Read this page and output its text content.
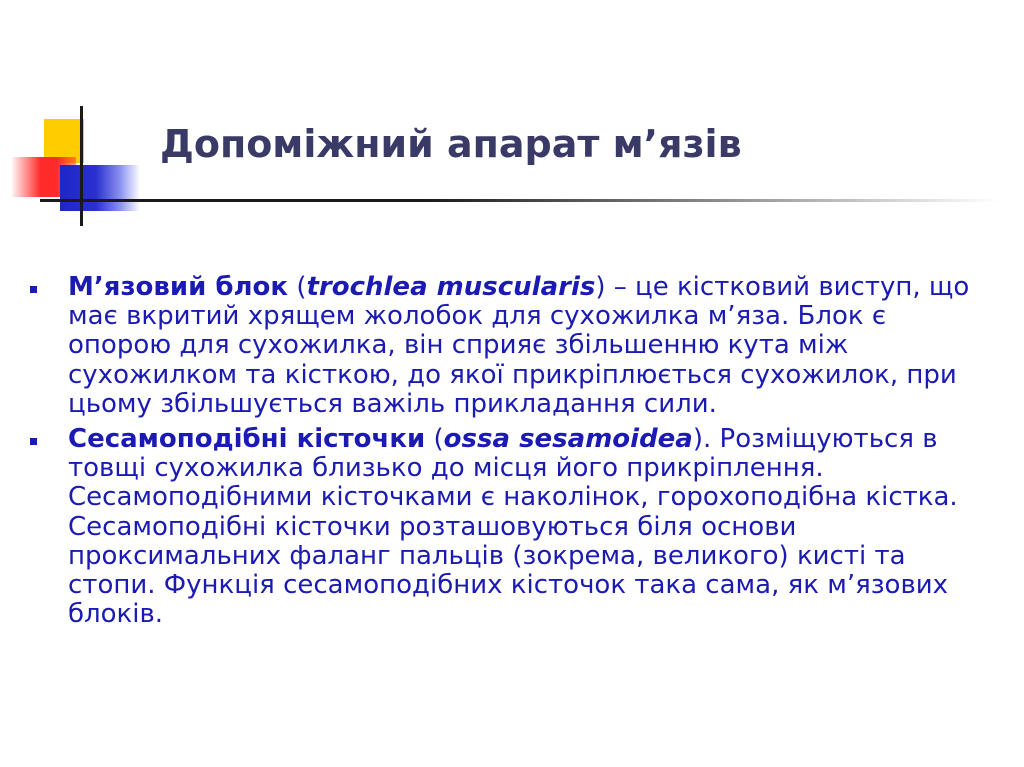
Допоміжний апарат м’язів
М’язовий блок (trochlea muscularis) – це кістковий виступ, що має вкритий хрящем жолобок для сухожилка м’яза. Блок є опорою для сухожилка, він сприяє збільшенню кута між сухожилком та кісткою, до якої прикріплюється сухожилок, при цьому збільшується важіль прикладання сили.
Сесамоподібні кісточки (ossa sesamoidea). Розміщуються в товщі сухожилка близько до місця його прикріплення. Сесамоподібними кісточками є наколінок, горохоподібна кістка. Сесамоподібні кісточки розташовуються біля основи проксимальних фаланг пальців (зокрема, великого) кисті та стопи. Функція сесамоподібних кісточок така сама, як м’язових блоків.
